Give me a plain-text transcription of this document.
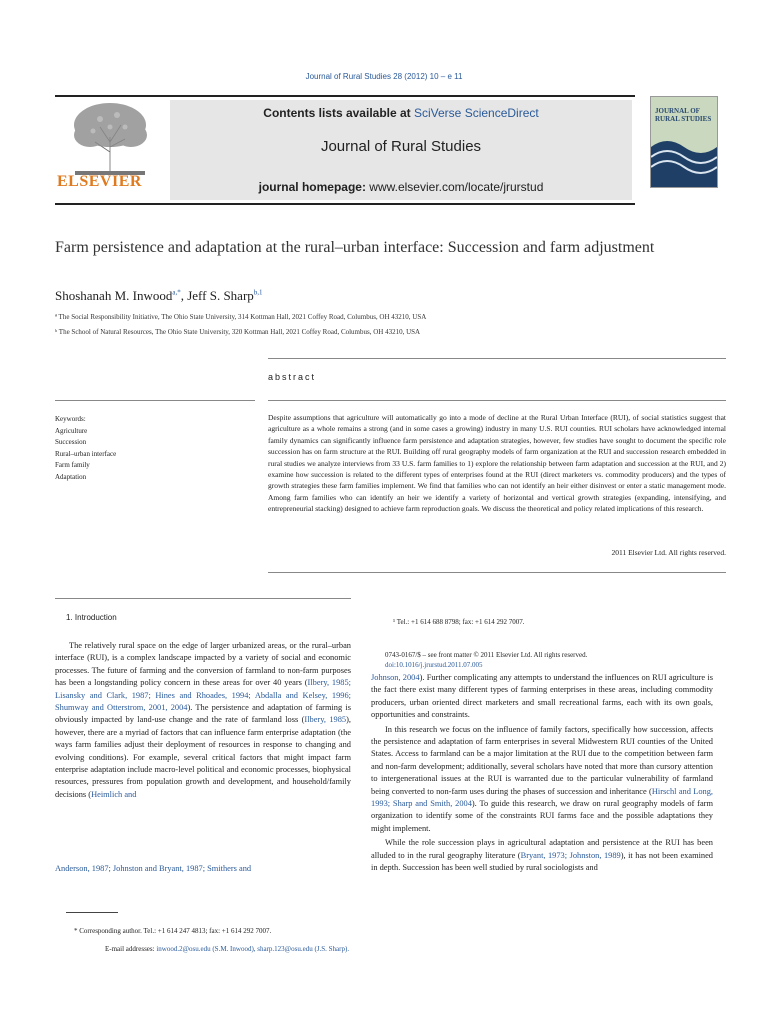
Journal of Rural Studies 28 (2012) 10 – e 11
ELSEVIER
Contents lists available at SciVerse ScienceDirect
Journal of Rural Studies
journal homepage: www.elsevier.com/locate/jrurstud
JOURNAL OF RURAL STUDIES
Farm persistence and adaptation at the rural–urban interface: Succession and farm adjustment
Shoshanah M. Inwood$^{a,*}$, Jeff S. Sharp$^{b,1}$
ª The Social Responsibility Initiative, The Ohio State University, 314 Kottman Hall, 2021 Coffey Road, Columbus, OH 43210, USA
ᵇ The School of Natural Resources, The Ohio State University, 320 Kottman Hall, 2021 Coffey Road, Columbus, OH 43210, USA
abstract
Keywords:
Agriculture
Succession
Rural–urban interface
Farm family
Adaptation
Despite assumptions that agriculture will automatically go into a mode of decline at the Rural Urban Interface (RUI), of social statistics suggest that agriculture as a whole remains a strong (and in some cases a growing) industry in many U.S. RUI counties. RUI scholars have acknowledged internal family dynamics can significantly influence farm persistence and adaptation strategies, however, few studies have sought to document the specific role succession has on farm structure at the RUI. Building off rural geography models of farm organization at the RUI and succession research embedded in rural studies we analyze interviews from 33 U.S. farm families to 1) explore the relationship between farm adaptation and succession at the RUI, and 2) examine how succession is related to the different types of enterprises found at the RUI (direct marketers vs. commodity producers) and the types of growth strategies these farm families implement. We find that families who can not identify an heir either disinvest or enter a static management mode. Among farm families who can identify an heir we identify a variety of horizontal and vertical growth strategies (expanding, intensifying, and entrepreneurial stacking) designed to achieve farm reproduction goals. We discuss the theoretical and policy related implications of this research.
2011 Elsevier Ltd. All rights reserved.
1. Introduction

The relatively rural space on the edge of larger urbanized areas, or the rural–urban interface (RUI), is a complex landscape impacted by a variety of social and economic processes. The future of farming and the conversion of farmland to non-farm purposes has been a longstanding policy concern in these areas for over 40 years (Ilbery, 1985; Lisansky and Clark, 1987; Hines and Rhoades, 1994; Abdalla and Kelsey, 1996; Shumway and Otterstrom, 2001, 2004). The persistence and adaptation of farming is obviously impacted by land-use change and the rate of farmland loss (Ilbery, 1985), however, there are a myriad of factors that can influence farm enterprise adaptation (the ways farm families adjust their deployment of resources in response to changing and evolving conditions). For example, several critical factors that might impact farm enterprise adaptation include macro-level political and economic processes, biophysical resources, pressures from population growth and development, and household/family decisions (Heimlich and

Anderson, 1987; Johnston and Bryant, 1987; Smithers and
* Corresponding author. Tel.: +1 614 247 4813; fax: +1 614 292 7007.
E-mail addresses: inwood.2@osu.edu (S.M. Inwood), sharp.123@osu.edu (J.S. Sharp).
¹ Tel.: +1 614 688 8798; fax: +1 614 292 7007.
0743-0167/$ – see front matter © 2011 Elsevier Ltd. All rights reserved.
doi:10.1016/j.jrurstud.2011.07.005

Johnson, 2004). Further complicating any attempts to understand the influences on RUI agriculture is the fact there exist many different types of farming enterprises in these areas, including commodity producers, urban oriented direct marketers and small recreational farms, each with its own goals, opportunities and constraints.

In this research we focus on the influence of family factors, specifically how succession, affects the persistence and adaptation of farm enterprises in several Midwestern RUI counties of the United States. Access to farmland can be a major limitation at the RUI due to the competition between farm and non-farm development; additionally, several scholars have noted that more than cursory attention to intergenerational issues at the RUI is warranted due to the particular vulnerability of farmland being converted to non-farm uses during the phases of succession and inheritance (Hirschl and Long, 1993; Sharp and Smith, 2004). To guide this research, we draw on rural geography models of farm organization to identify some of the constraints RUI farms face and the possible adaptations they might implement.

While the role succession plays in agricultural adaptation and persistence at the RUI has been alluded to in the rural geography literature (Bryant, 1973; Johnston, 1989), it has not been examined in depth. Succession has been well studied by rural sociologists and
